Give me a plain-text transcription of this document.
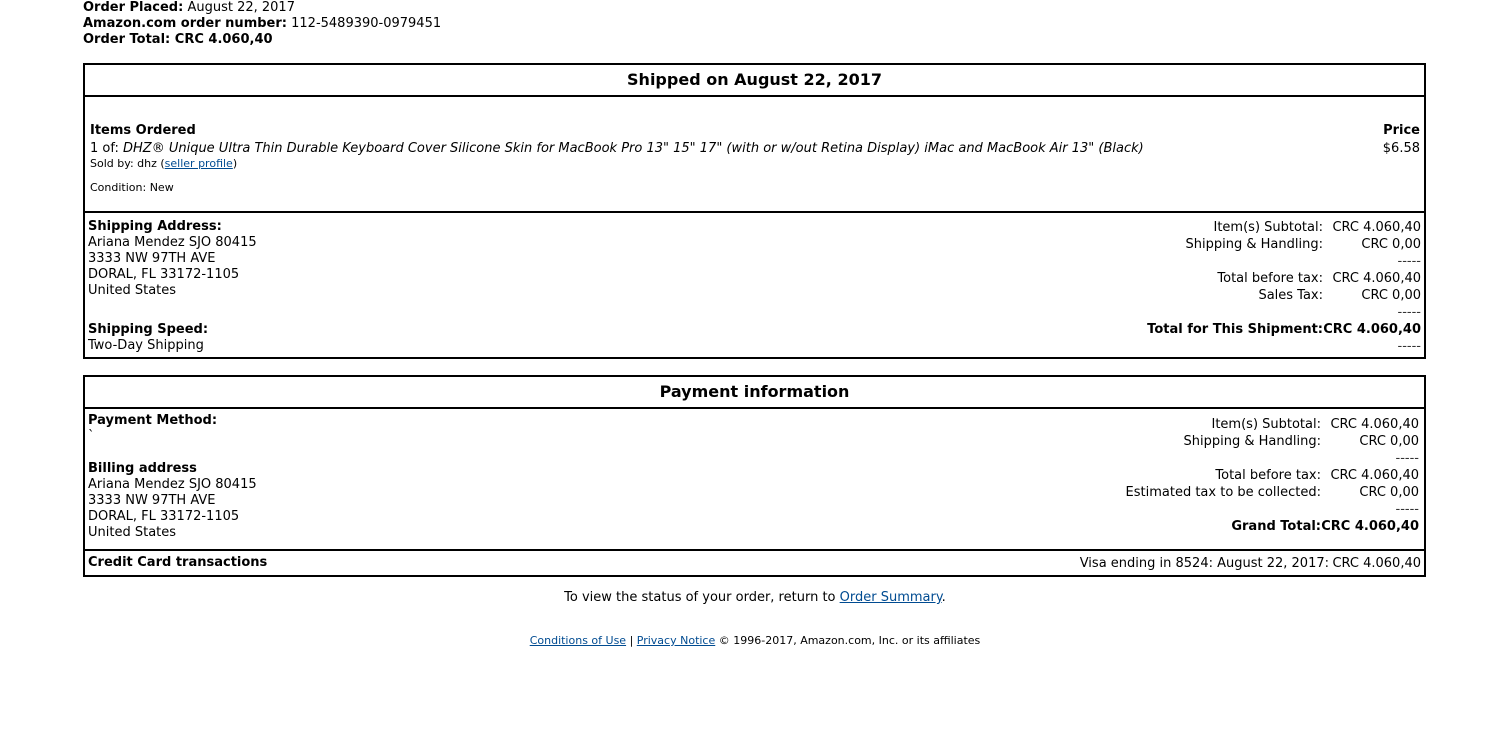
Order Placed: August 22, 2017
Amazon.com order number: 112-5489390-0979451
Order Total: CRC 4.060,40
Shipped on August 22, 2017
Items Ordered	Price
1 of: DHZ® Unique Ultra Thin Durable Keyboard Cover Silicone Skin for MacBook Pro 13" 15" 17" (with or w/out Retina Display) iMac and MacBook Air 13" (Black)	$6.58
Sold by: dhz (seller profile)
Condition: New
Shipping Address:
Ariana Mendez SJO 80415
3333 NW 97TH AVE
DORAL, FL 33172-1105
United States
Shipping Speed:
Two-Day Shipping
Item(s) Subtotal: CRC 4.060,40
Shipping & Handling:	CRC 0,00
-----
Total before tax: CRC 4.060,40
Sales Tax:	CRC 0,00
-----
Total for This Shipment: CRC 4.060,40
-----
Payment information
Payment Method:
`
Billing address
Ariana Mendez SJO 80415
3333 NW 97TH AVE
DORAL, FL 33172-1105
United States
Item(s) Subtotal: CRC 4.060,40
Shipping & Handling:	CRC 0,00
-----
Total before tax: CRC 4.060,40
Estimated tax to be collected:	CRC 0,00
-----
Grand Total: CRC 4.060,40
Credit Card transactions	Visa ending in 8524: August 22, 2017: CRC 4.060,40
To view the status of your order, return to Order Summary.
Conditions of Use | Privacy Notice © 1996-2017, Amazon.com, Inc. or its affiliates
